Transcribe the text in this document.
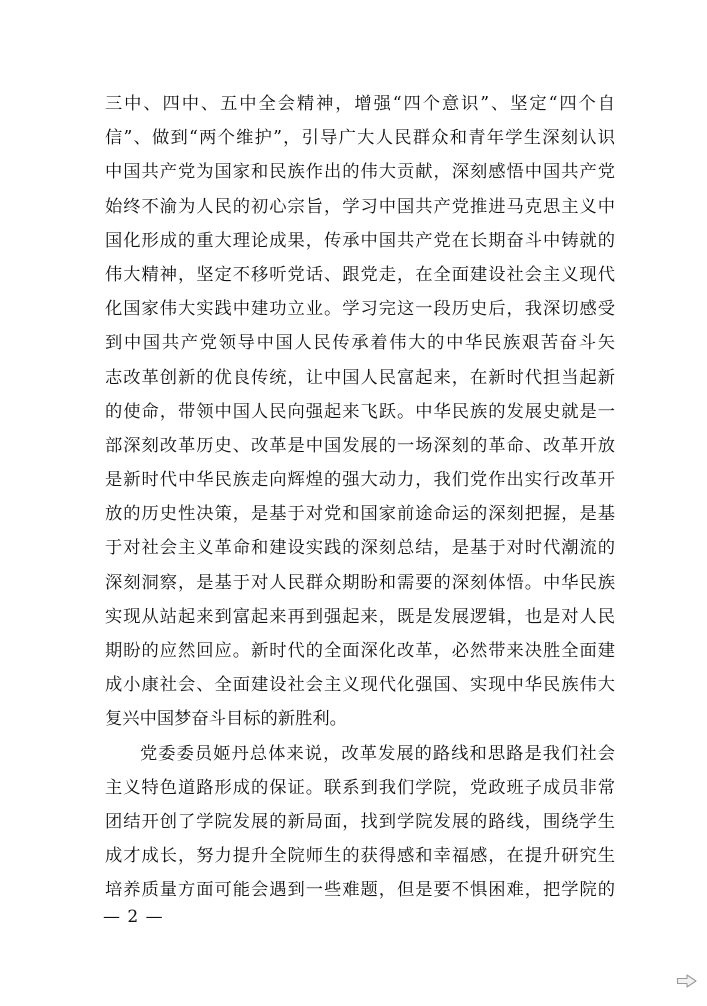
三中、四中、五中全会精神，增强“四个意识”、坚定“四个自
信”、做到“两个维护”，引导广大人民群众和青年学生深刻认识
中国共产党为国家和民族作出的伟大贡献，深刻感悟中国共产党
始终不渝为人民的初心宗旨，学习中国共产党推进马克思主义中
国化形成的重大理论成果，传承中国共产党在长期奋斗中铸就的
伟大精神，坚定不移听党话、跟党走，在全面建设社会主义现代
化国家伟大实践中建功立业。学习完这一段历史后，我深切感受
到中国共产党领导中国人民传承着伟大的中华民族艰苦奋斗矢
志改革创新的优良传统，让中国人民富起来，在新时代担当起新
的使命，带领中国人民向强起来飞跃。中华民族的发展史就是一
部深刻改革历史、改革是中国发展的一场深刻的革命、改革开放
是新时代中华民族走向辉煌的强大动力，我们党作出实行改革开
放的历史性决策，是基于对党和国家前途命运的深刻把握，是基
于对社会主义革命和建设实践的深刻总结，是基于对时代潮流的
深刻洞察，是基于对人民群众期盼和需要的深刻体悟。中华民族
实现从站起来到富起来再到强起来，既是发展逻辑，也是对人民
期盼的应然回应。新时代的全面深化改革，必然带来决胜全面建
成小康社会、全面建设社会主义现代化强国、实现中华民族伟大
复兴中国梦奋斗目标的新胜利。
党委委员姬丹总体来说，改革发展的路线和思路是我们社会
主义特色道路形成的保证。联系到我们学院，党政班子成员非常
团结开创了学院发展的新局面，找到学院发展的路线，围绕学生
成才成长，努力提升全院师生的获得感和幸福感，在提升研究生
培养质量方面可能会遇到一些难题，但是要不惧困难，把学院的
— 2 —
